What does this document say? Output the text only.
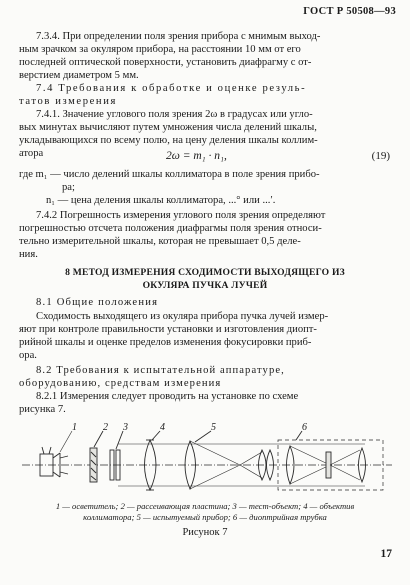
ГОСТ Р 50508—93
7.3.4. При определении поля зрения прибора с мнимым выход-
ным зрачком за окуляром прибора, на расстоянии 10 мм от его
последней оптической поверхности, установить диафрагму с от-
верстием диаметром 5 мм.
7.4 Требования к обработке и оценке резуль-
татов измерения
7.4.1. Значение углового поля зрения 2ω в градусах или угло-
вых минутах вычисляют путем умножения числа делений шкалы,
укладывающихся по всему полю, на цену деления шкалы коллим-
атора	2ω = m₁ · n₁,	(19)
где m₁ — число делений шкалы коллиматора в поле зрения прибо-
ра;
n₁ — цена деления шкалы коллиматора, ...° или ...′.
7.4.2 Погрешность измерения углового поля зрения определяют
погрешностью отсчета положения диафрагмы поля зрения относи-
тельно измерительной шкалы, которая не превышает 0,5 деле-
ния.
8 МЕТОД ИЗМЕРЕНИЯ СХОДИМОСТИ ВЫХОДЯЩЕГО ИЗ
ОКУЛЯРА ПУЧКА ЛУЧЕЙ
8.1 Общие положения
Сходимость выходящего из окуляра прибора пучка лучей измер-
яют при контроле правильности установки и изготовления диопт-
рийной шкалы и оценке пределов изменения фокусировки приб-
ора.
8.2 Требования к испытательной аппаратуре,
оборудованию, средствам измерения
8.2.1 Измерения следует проводить на установке по схеме
рисунка 7.
1	2 3	4	5	6
1 — осветитель; 2 — рассеивающая пластина; 3 — тест-объект; 4 — объектив
коллиматора; 5 — испытуемый прибор; 6 — диоптрийная трубка
Рисунок 7
17
